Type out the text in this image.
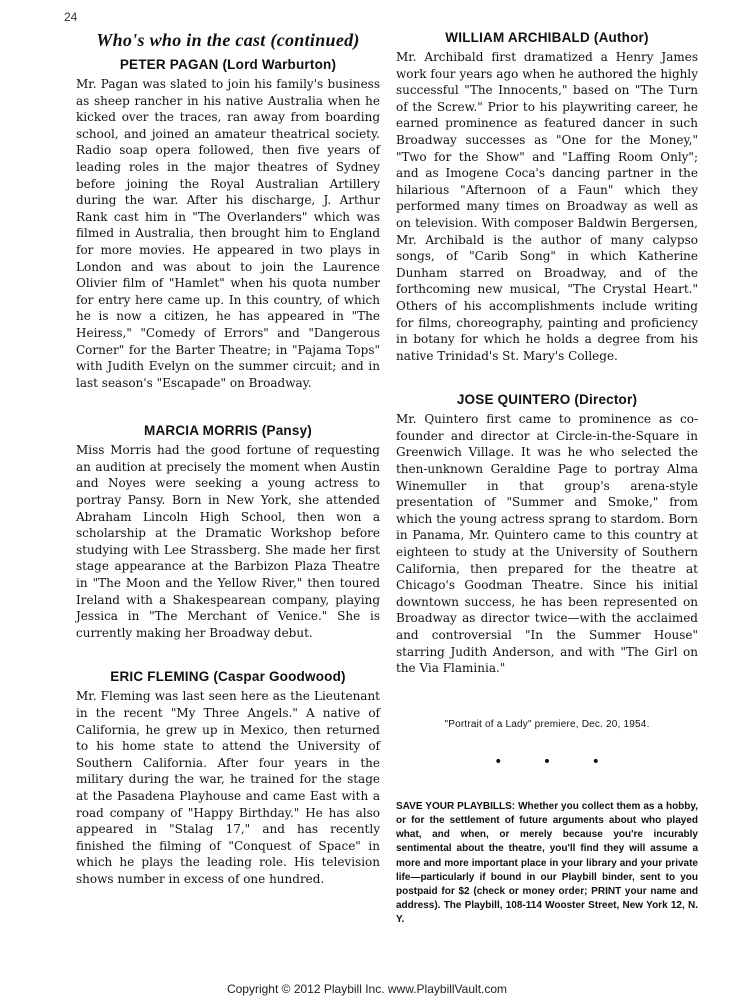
24
Who's who in the cast (continued)
PETER PAGAN (Lord Warburton)

Mr. Pagan was slated to join his family's business as sheep rancher in his native Australia when he kicked over the traces, ran away from boarding school, and joined an amateur theatrical society. Radio soap opera followed, then five years of leading roles in the major theatres of Sydney before joining the Royal Australian Artillery during the war. After his discharge, J. Arthur Rank cast him in "The Overlanders" which was filmed in Australia, then brought him to England for more movies. He appeared in two plays in London and was about to join the Laurence Olivier film of "Hamlet" when his quota number for entry here came up. In this country, of which he is now a citizen, he has appeared in "The Heiress," "Comedy of Errors" and "Dangerous Corner" for the Barter Theatre; in "Pajama Tops" with Judith Evelyn on the summer circuit; and in last season's "Escapade" on Broadway.

MARCIA MORRIS (Pansy)

Miss Morris had the good fortune of requesting an audition at precisely the moment when Austin and Noyes were seeking a young actress to portray Pansy. Born in New York, she attended Abraham Lincoln High School, then won a scholarship at the Dramatic Workshop before studying with Lee Strassberg. She made her first stage appearance at the Barbizon Plaza Theatre in "The Moon and the Yellow River," then toured Ireland with a Shakespearean company, playing Jessica in "The Merchant of Venice." She is currently making her Broadway debut.

ERIC FLEMING (Caspar Goodwood)

Mr. Fleming was last seen here as the Lieutenant in the recent "My Three Angels." A native of California, he grew up in Mexico, then returned to his home state to attend the University of Southern California. After four years in the military during the war, he trained for the stage at the Pasadena Playhouse and came East with a road company of "Happy Birthday." He has also appeared in "Stalag 17," and has recently finished the filming of "Conquest of Space" in which he plays the leading role. His television shows number in excess of one hundred.

WILLIAM ARCHIBALD (Author)

Mr. Archibald first dramatized a Henry James work four years ago when he authored the highly successful "The Innocents," based on "The Turn of the Screw." Prior to his playwriting career, he earned prominence as featured dancer in such Broadway successes as "One for the Money," "Two for the Show" and "Laffing Room Only"; and as Imogene Coca's dancing partner in the hilarious "Afternoon of a Faun" which they performed many times on Broadway as well as on television. With composer Baldwin Bergersen, Mr. Archibald is the author of many calypso songs, of "Carib Song" in which Katherine Dunham starred on Broadway, and of the forthcoming new musical, "The Crystal Heart." Others of his accomplishments include writing for films, choreography, painting and proficiency in botany for which he holds a degree from his native Trinidad's St. Mary's College.

JOSE QUINTERO (Director)

Mr. Quintero first came to prominence as co-founder and director at Circle-in-the-Square in Greenwich Village. It was he who selected the then-unknown Geraldine Page to portray Alma Winemuller in that group's arena-style presentation of "Summer and Smoke," from which the young actress sprang to stardom. Born in Panama, Mr. Quintero came to this country at eighteen to study at the University of Southern California, then prepared for the theatre at Chicago's Goodman Theatre. Since his initial downtown success, he has been represented on Broadway as director twice—with the acclaimed and controversial "In the Summer House" starring Judith Anderson, and with "The Girl on the Via Flaminia."

"Portrait of a Lady" premiere, Dec. 20, 1954.
• • •
SAVE YOUR PLAYBILLS: Whether you collect them as a hobby, or for the settlement of future arguments about who played what, and when, or merely because you're incurably sentimental about the theatre, you'll find they will assume a more and more important place in your library and your private life—particularly if bound in our Playbill binder, sent to you postpaid for $2 (check or money order; PRINT your name and address). The Playbill, 108-114 Wooster Street, New York 12, N. Y.
Copyright © 2012 Playbill Inc. www.PlaybillVault.com
